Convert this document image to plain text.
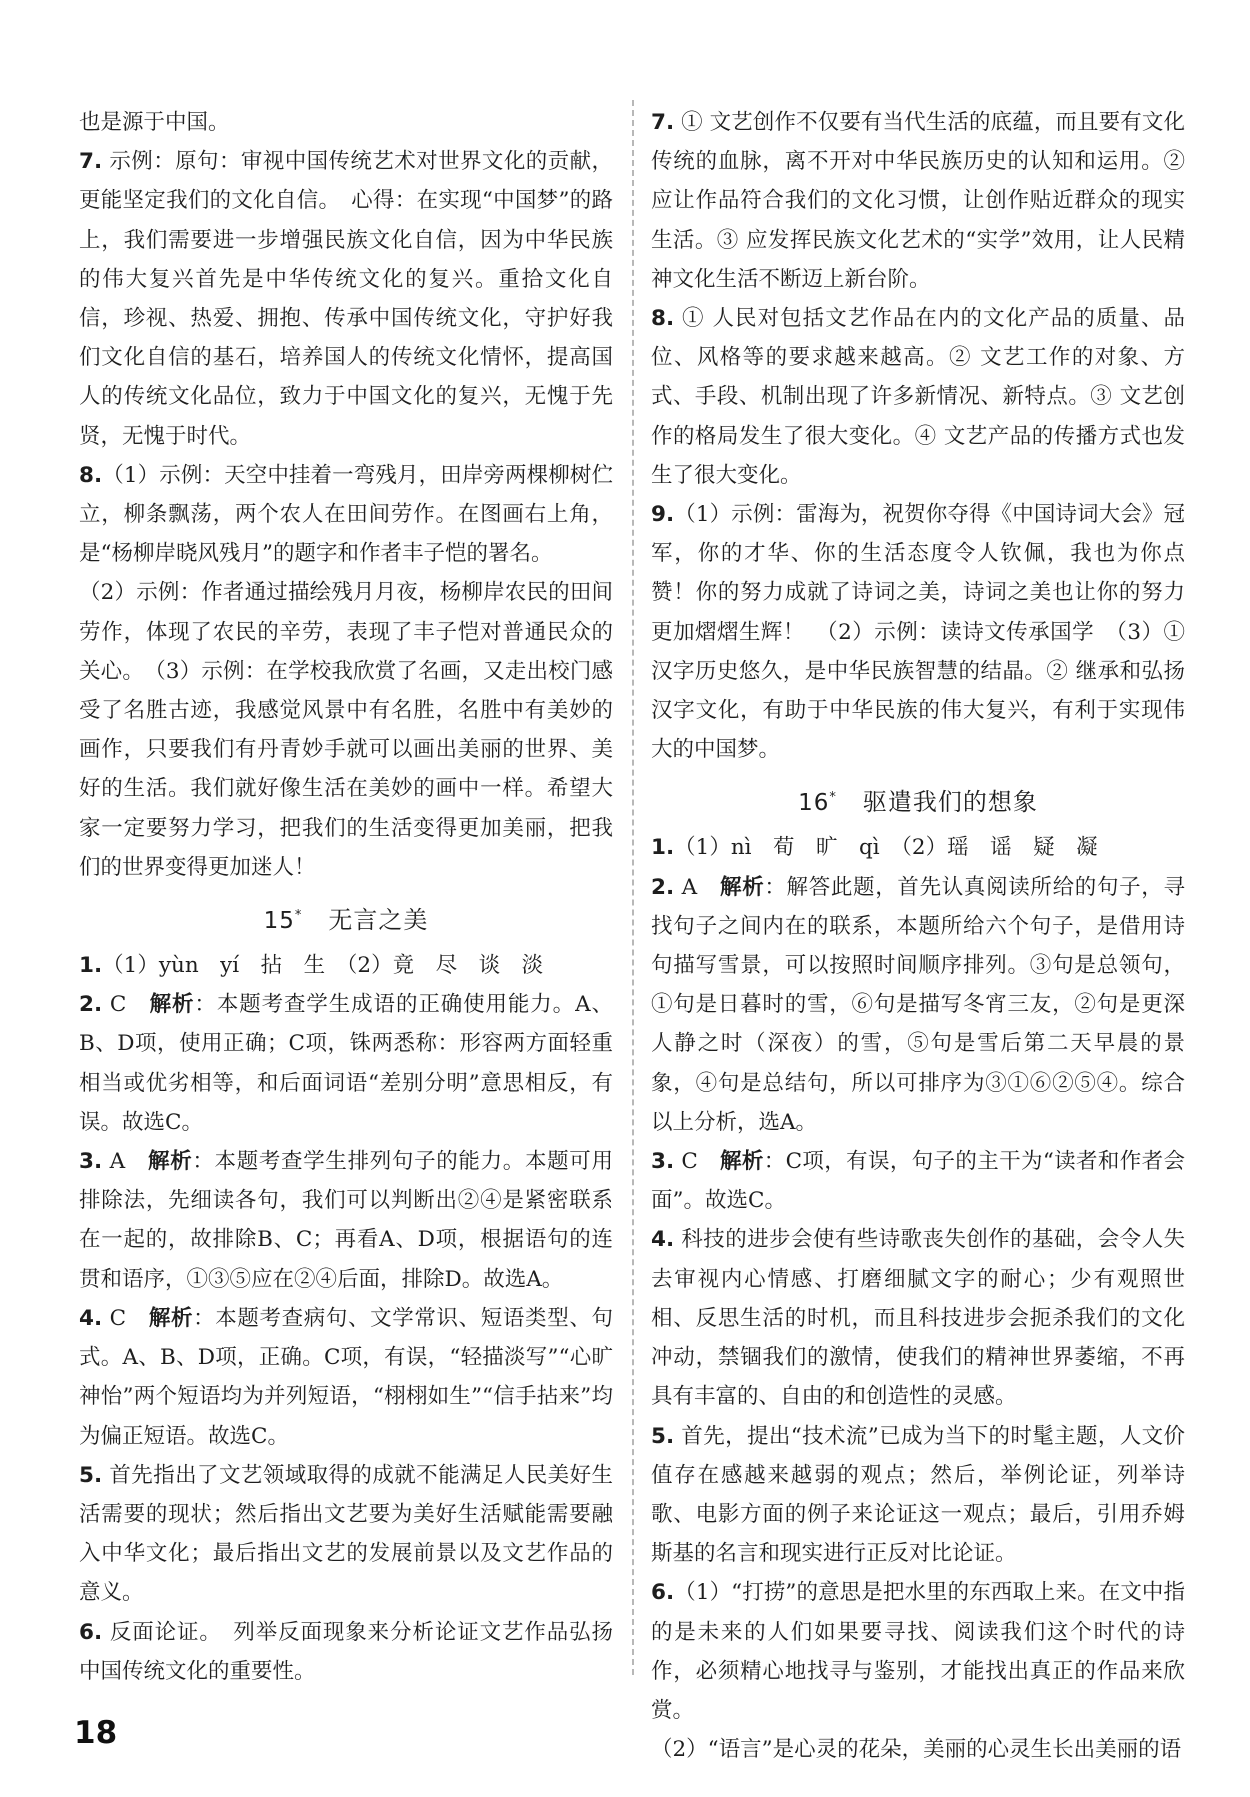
也是源于中国。

7. 示例：原句：审视中国传统艺术对世界文化的贡献，更能坚定我们的文化自信。　心得：在实现“中国梦”的路上，我们需要进一步增强民族文化自信，因为中华民族的伟大复兴首先是中华传统文化的复兴。重拾文化自信，珍视、热爱、拥抱、传承中国传统文化，守护好我们文化自信的基石，培养国人的传统文化情怀，提高国人的传统文化品位，致力于中国文化的复兴，无愧于先贤，无愧于时代。

8.（1）示例：天空中挂着一弯残月，田岸旁两棵柳树伫立，柳条飘荡，两个农人在田间劳作。在图画右上角，是“杨柳岸晓风残月”的题字和作者丰子恺的署名。

（2）示例：作者通过描绘残月月夜，杨柳岸农民的田间劳作，体现了农民的辛劳，表现了丰子恺对普通民众的关心。　（3）示例：在学校我欣赏了名画，又走出校门感受了名胜古迹，我感觉风景中有名胜，名胜中有美妙的画作，只要我们有丹青妙手就可以画出美丽的世界、美好的生活。我们就好像生活在美妙的画中一样。希望大家一定要努力学习，把我们的生活变得更加美丽，把我们的世界变得更加迷人！

15* 无言之美

1.（1）yùn　yí　拈　生　（2）竟　尽　谈　淡

2. C　 解析：本题考查学生成语的正确使用能力。A、B、D项，使用正确；C项，铢两悉称：形容两方面轻重相当或优劣相等，和后面词语“差别分明”意思相反，有误。故选C。

3. A　 解析：本题考查学生排列句子的能力。本题可用排除法，先细读各句，我们可以判断出②④是紧密联系在一起的，故排除B、C；再看A、D项，根据语句的连贯和语序，①③⑤应在②④后面，排除D。故选A。

4. C　 解析：本题考查病句、文学常识、短语类型、句式。A、B、D项，正确。C项，有误，“轻描淡写”“心旷神怡”两个短语均为并列短语，“栩栩如生”“信手拈来”均为偏正短语。故选C。

5. 首先指出了文艺领域取得的成就不能满足人民美好生活需要的现状；然后指出文艺要为美好生活赋能需要融入中华文化；最后指出文艺的发展前景以及文艺作品的意义。

6. 反面论证。　列举反面现象来分析论证文艺作品弘扬中国传统文化的重要性。

7. ① 文艺创作不仅要有当代生活的底蕴，而且要有文化传统的血脉，离不开对中华民族历史的认知和运用。② 应让作品符合我们的文化习惯，让创作贴近群众的现实生活。③ 应发挥民族文化艺术的“实学”效用，让人民精神文化生活不断迈上新台阶。

8. ① 人民对包括文艺作品在内的文化产品的质量、品位、风格等的要求越来越高。② 文艺工作的对象、方式、手段、机制出现了许多新情况、新特点。③ 文艺创作的格局发生了很大变化。④ 文艺产品的传播方式也发生了很大变化。

9.（1）示例：雷海为，祝贺你夺得《中国诗词大会》冠军，你的才华、你的生活态度令人钦佩，我也为你点赞！你的努力成就了诗词之美，诗词之美也让你的努力更加熠熠生辉！　（2）示例：读诗文传承国学　（3）① 汉字历史悠久，是中华民族智慧的结晶。② 继承和弘扬汉字文化，有助于中华民族的伟大复兴，有利于实现伟大的中国梦。

16* 驱遣我们的想象

1.（1）nì　荀　旷　qì　（2）瑶　谣　疑　凝

2. A　 解析：解答此题，首先认真阅读所给的句子，寻找句子之间内在的联系，本题所给六个句子，是借用诗句描写雪景，可以按照时间顺序排列。③句是总领句，①句是日暮时的雪，⑥句是描写冬宵三友，②句是更深人静之时（深夜）的雪，⑤句是雪后第二天早晨的景象，④句是总结句，所以可排序为③①⑥②⑤④。综合以上分析，选A。

3. C　 解析：C项，有误，句子的主干为“读者和作者会面”。故选C。

4. 科技的进步会使有些诗歌丧失创作的基础，会令人失去审视内心情感、打磨细腻文字的耐心；少有观照世相、反思生活的时机，而且科技进步会扼杀我们的文化冲动，禁锢我们的激情，使我们的精神世界萎缩，不再具有丰富的、自由的和创造性的灵感。

5. 首先，提出“技术流”已成为当下的时髦主题，人文价值存在感越来越弱的观点；然后，举例论证，列举诗歌、电影方面的例子来论证这一观点；最后，引用乔姆斯基的名言和现实进行正反对比论证。

6.（1）“打捞”的意思是把水里的东西取上来。在文中指的是未来的人们如果要寻找、阅读我们这个时代的诗作，必须精心地找寻与鉴别，才能找出真正的作品来欣赏。

（2）“语言”是心灵的花朵，美丽的心灵生长出美丽的语

18
